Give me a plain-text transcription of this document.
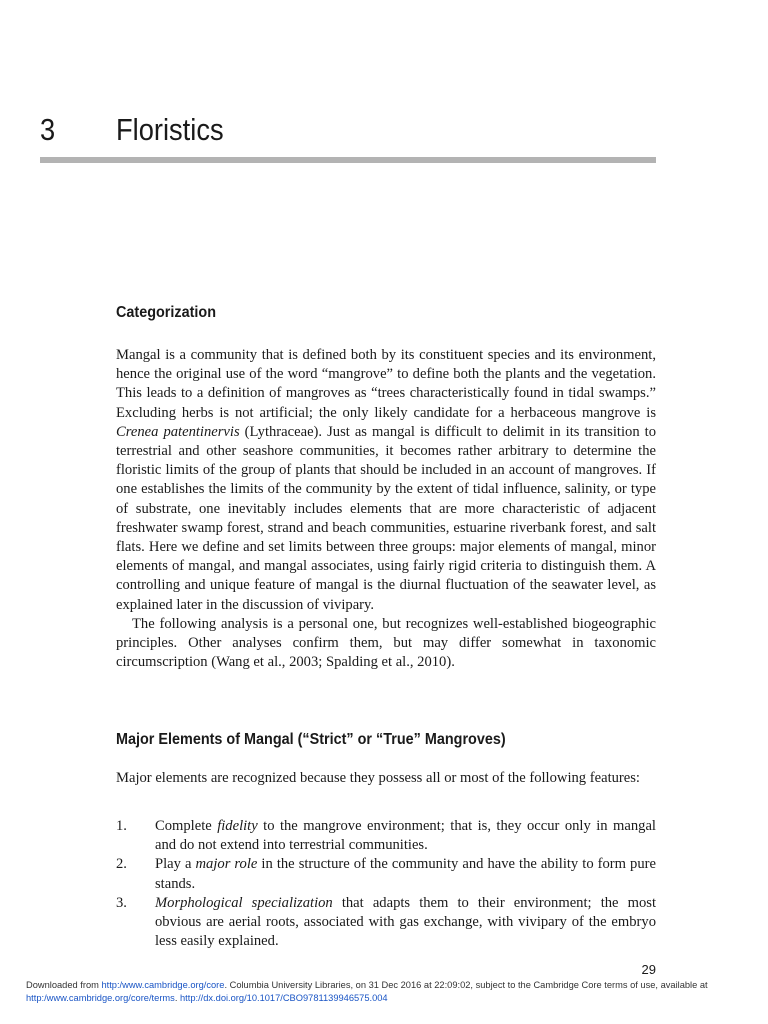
3 Floristics
Categorization

Mangal is a community that is defined both by its constituent species and its environment, hence the original use of the word “mangrove” to define both the plants and the vegetation. This leads to a definition of mangroves as “trees characteristically found in tidal swamps.” Excluding herbs is not artificial; the only likely candidate for a herbaceous mangrove is Crenea patentinervis (Lythraceae). Just as mangal is difficult to delimit in its transition to terrestrial and other seashore communities, it becomes rather arbitrary to determine the floristic limits of the group of plants that should be included in an account of mangroves. If one establishes the limits of the community by the extent of tidal influence, salinity, or type of substrate, one inevitably includes elements that are more characteristic of adjacent freshwater swamp forest, strand and beach communities, estuarine riverbank forest, and salt flats. Here we define and set limits between three groups: major elements of mangal, minor elements of mangal, and mangal associates, using fairly rigid criteria to distinguish them. A controlling and unique feature of mangal is the diurnal fluctuation of the seawater level, as explained later in the discussion of vivipary.

The following analysis is a personal one, but recognizes well-established biogeographic principles. Other analyses confirm them, but may differ somewhat in taxonomic circumscription (Wang et al., 2003; Spalding et al., 2010).

Major Elements of Mangal (“Strict” or “True” Mangroves)
Major elements are recognized because they possess all or most of the following features:
1. Complete fidelity to the mangrove environment; that is, they occur only in mangal and do not extend into terrestrial communities.
2. Play a major role in the structure of the community and have the ability to form pure stands.
3. Morphological specialization that adapts them to their environment; the most obvious are aerial roots, associated with gas exchange, with vivipary of the embryo less easily explained.
29
Downloaded from http:/www.cambridge.org/core. Columbia University Libraries, on 31 Dec 2016 at 22:09:02, subject to the Cambridge Core terms of use, available at
http:/www.cambridge.org/core/terms. http://dx.doi.org/10.1017/CBO9781139946575.004
